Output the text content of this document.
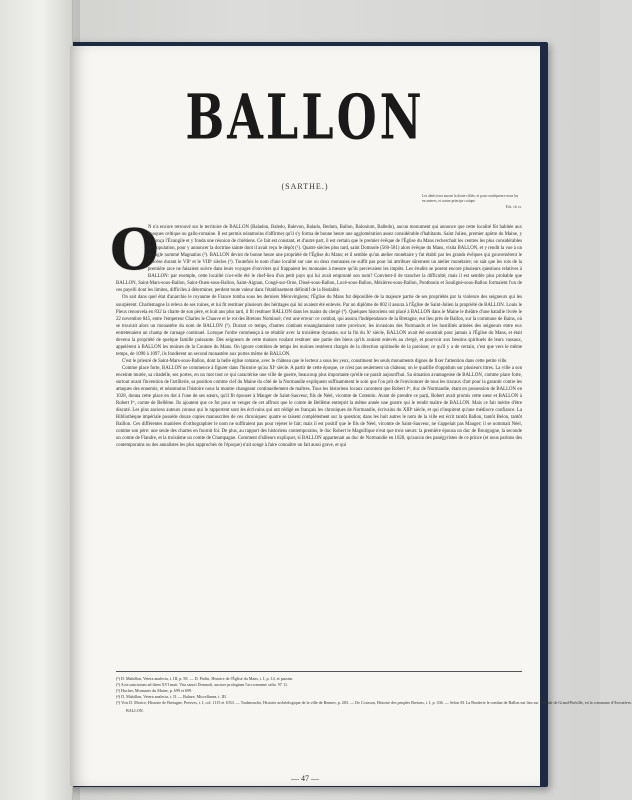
BALLON
(SARTHE.)
Les aînés terra auront la doute cilités, et pour contéquence nous les en auteres, et contre principe cotiqne.
Eck. ch. ix.

O
N n'a encore retrouvé sur le territoire de BALLON (Baladon, Baledo, Balevon, Balado, Bedum, Ballon, Balonium, Balledo), aucun monument qui annonce que cette localité fût habitée aux époques celtique ou gallo-romaine. Il est permis néanmoins d'affirmer qu'il s'y forma de bonne heure une agglomération assez considérable d'habitants. Saint Julien, premier apôtre du Maine, y annonça l'Évangile et y fonda une réunion de chrétiens. Ce fait est constant, et d'autre part, il est certain que le premier évêque de l'Église du Mans recherchait les centres les plus considérables de population, pour y annoncer la doctrine sainte dont il avait reçu le dépôt (¹). Quatre siècles plus tard, saint Domnole (560-581) alors évêque du Mans, visita BALLON, et y rendit la vue à un aveugle nommé Magnatius (²). BALLON devint de bonne heure une propriété de l'Église du Mans; et il semble qu'un atelier monétaire y fut établi par les grands évêques qui gouvernèrent le diocèse durant le VIIᵉ et le VIIIᵉ siècles (³). Toutefois le nom d'une localité sur une ou deux monnaies ne suffit pas pour lui attribuer sûrement un atelier monétaire; on sait que les rois de la première race ne faisaient suivre dans leurs voyages d'ouvriers qui frappaient les monnaies à mesure qu'ils percevaient les impôts. Les érudits se posent encore plusieurs questions relatives à BALLON: par exemple, cette localité n'a-t-elle été le chef-lieu d'un petit pays qui lui avait emprunté son nom? Convient-il de trancher la difficulté; mais il est semble plus probable que BALLON, Saint-Mars-sous-Ballon, Saint-Ouen-sous-Ballon, Saint-Aignan, Congé-sur-Orne, Dissé-sous-Ballon, Lucé-sous-Ballon, Mézières-sous-Ballon, Pontbouin et Souligné-sous-Ballon formaient l'un de ces payelli dont les limites, difficiles à déterminer, perdent toute valeur dans l'établissement définitif de la féodalité.

On sait dans quel état d'anarchie le royaume de France tomba sous les derniers Mérovingiens; l'Église du Mans fut dépouillée de la majeure partie de ses propriétés par la violence des seigneurs qui les usurpèrent. Charlemagne la releva de ses ruines, et lui fit restituer plusieurs des héritages qui lui avaient été enlevés. Par un diplôme de 802 il assura à l'Église de Saint-Julien la propriété de BALLON. Louis le Pieux renouvela en 832 la charte de son père, et huit ans plus tard, il fit restituer BALLON dans les mains du clergé (⁴). Quelques historiens ont placé à BALLON dans le Maine le théâtre d'une bataille livrée le 22 novembre 845, entre l'empereur Charles le Chauve et le roi des Bretons Nominoë; c'est une erreur: ce combat, qui assura l'indépendance de la Bretagne, eut lieu près de Ballon, sur la commune de Bains, où se trouvait alors un monastère du nom de BALLON (⁵). Durant ce temps, d'autres combats ensanglantaient notre province; les invasions des Normands et les hostilités armées des seigneurs entre eux entretenaient un champ de carnage continuel. Lorsque l'ordre commença à se rétablir avec la troisième dynastie, sur la fin du Xᵉ siècle, BALLON avait été soustrait pour jamais à l'Église du Mans, et était devenu la propriété de quelque famille puissante. Des seigneurs de cette maison voulant restituer une partie des biens qu'ils avaient enlevés au clergé, et pourvoir aux besoins spirituels de leurs vassaux, appelèrent à BALLON les moines de la Couture du Mans. On ignore combien de temps les moines restèrent chargés de la direction spirituelle de la paroisse; ce qu'il y a de certain, c'est que vers le même temps, de 1090 à 1097, ils fondèrent un second monastère aux portes même de BALLON.

C'est le prieuré de Saint-Mars-sous-Ballon, dont la belle église romane, avec le château que le lecteur a sous les yeux, constituent les seuls monuments dignes de fixer l'attention dans cette petite ville.

Comme place forte, BALLON ne commence à figurer dans l'histoire qu'au XIᵉ siècle. A partir de cette époque, ce n'est pas seulement un château; on le qualifie d'oppidum sur plusieurs titres. La ville a son enceinte murée, sa citadelle, ses portes, en un mot tout ce qui caractérise une ville de guerre, beaucoup plus importante qu'elle ne paraît aujourd'hui. Sa situation avantageuse de BALLON, comme place forte, surtout avant l'invention de l'artillerie, sa position comme clef du Maine du côté de la Normandie expliquent suffisamment le soin que l'on prit de l'environner de tous les travaux d'art pour la garantir contre les attaques des ennemis; et néanmoins l'histoire nous la montre changeant continuellement de maîtres. Tous les historiens locaux racontent que Robert Iᵉʳ, duc de Normandie, étant en possession de BALLON en 1028, donna cette place en dot à l'une de ses sœurs, qu'il fit épouser à Mauger de Saint-Sauveur, fils de Néel, vicomte de Cotentin. Avant de prendre ce parti, Robert avait promis cette sœur et BALLON à Robert Iᵉʳ, comte de Bellême. Ils ajoutent que ce fut pour se venger de cet affront que le comte de Bellême entreprit la même année une guerre qui le rendit maître de BALLON. Mais ce fait mérite d'être discuté. Les plus anciens auteurs connus qui le rapportent sont les écrivains qui ont rédigé en français les chroniques de Normandie, écrivains du XIIIᵉ siècle, et qui n'inspirent qu'une médiocre confiance. La Bibliothèque impériale possède douze copies manuscrites de ces chroniques: quatre se taisent complètement sur la question; dans les huit autres le nom de la ville est écrit tantôt Ballon, tantôt Belon, tantôt Baillon. Ces différentes manières d'orthographier le nom ne suffiraient pas pour rejeter le fait; mais il est positif que le fils de Néel, vicomte de Saint-Sauveur, ne s'appelait pas Mauger; il se nommait Néel, comme son père: une seule des chartes en fournit foi. De plus, au rapport des historiens contemporains, le duc Robert le Magnifique n'eut que trois sœurs: la première épousa un duc de Bourgogne, la seconde un comte de Flandre, et la troisième un comte de Champagne. Comment d'ailleurs expliquer, si BALLON appartenait au duc de Normandie en 1028, qu'aucun des panégyristes de ce prince (et nous parlons des contemporains ou des annalistes les plus rapprochés de l'époque) n'ait songé à faire connaître un fait aussi grave, et qui

(¹) D. Mabillon, Vetera analecta, t. III, p. 58. — D. Piolin, Histoire de l'Église du Mans, t. I, p. 14, et passim.
(²) Acta sanctorum ad diem XVI maii. Vita sancti Domnoli, auctore prologium l'acccomnme calio. Nº 11.
(³) Hucher, Monnaies du Maine, p. 699 et 699.
(⁴) D. Mabillon, Vetera analecta, t. II. — Baluze, Miscellanea, t. III.
(⁵) Voir D. Morice, Histoire de Bretagne, Preuves, t. I, col. 1115 et 1033. — Toulmouche, Histoire archéologique de la ville de Rennes, p. 283. — De Courson, Histoire des peuples Bretons, t. I, p. 336. — Selon M. La Borderie le combat de Ballon eut lieu sur la lande de Grand-Brésille, en la commune d'Avessières.
BALLON.
— 47 —
